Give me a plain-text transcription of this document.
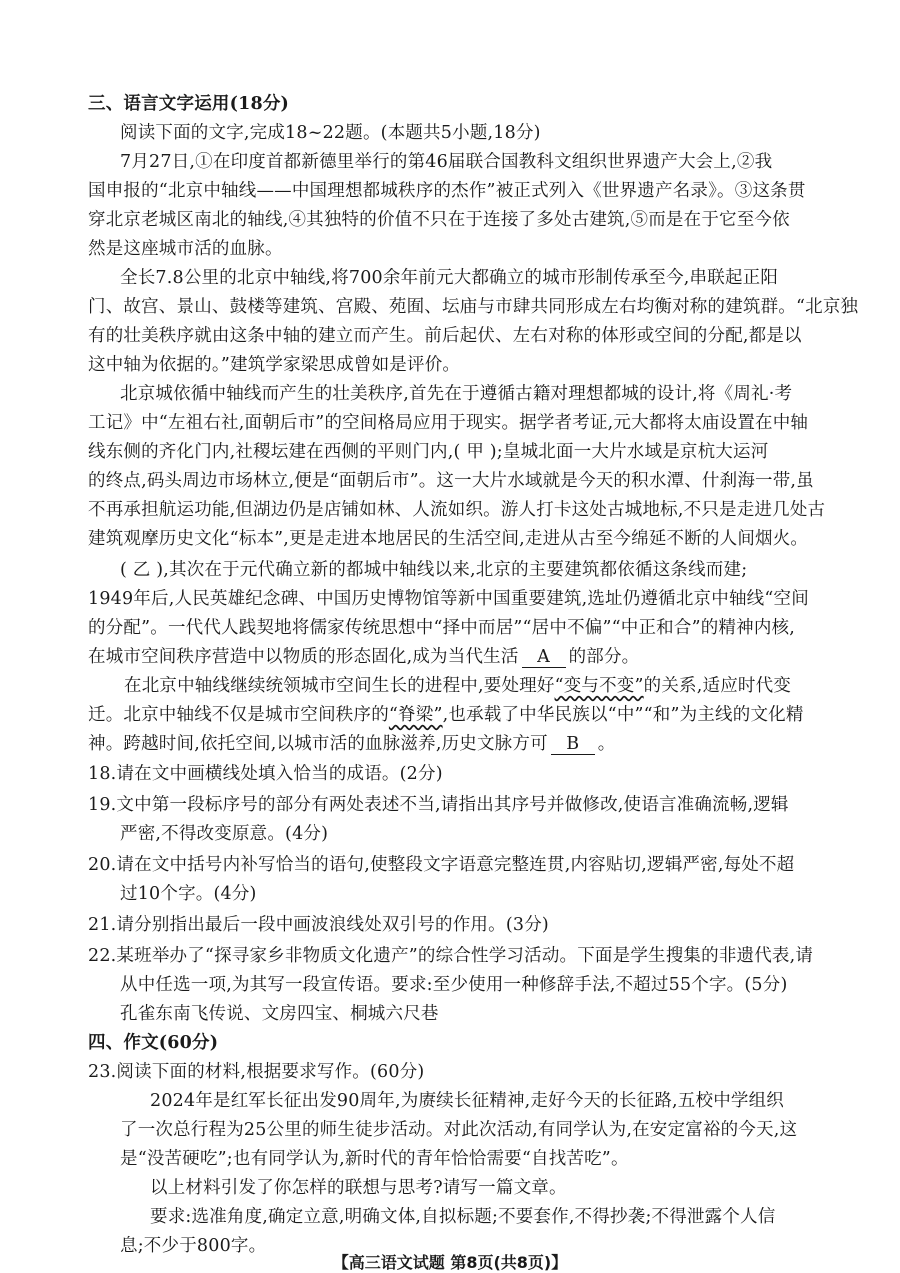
三、语言文字运用(18分)
阅读下面的文字,完成18~22题。(本题共5小题,18分)
7月27日,①在印度首都新德里举行的第46届联合国教科文组织世界遗产大会上,②我
国申报的“北京中轴线——中国理想都城秩序的杰作”被正式列入《世界遗产名录》。③这条贯
穿北京老城区南北的轴线,④其独特的价值不只在于连接了多处古建筑,⑤而是在于它至今依
然是这座城市活的血脉。
全长7.8公里的北京中轴线,将700余年前元大都确立的城市形制传承至今,串联起正阳
门、故宫、景山、鼓楼等建筑、宫殿、苑囿、坛庙与市肆共同形成左右均衡对称的建筑群。“北京独
有的壮美秩序就由这条中轴的建立而产生。前后起伏、左右对称的体形或空间的分配,都是以
这中轴为依据的。”建筑学家梁思成曾如是评价。
北京城依循中轴线而产生的壮美秩序,首先在于遵循古籍对理想都城的设计,将《周礼·考
工记》中“左祖右社,面朝后市”的空间格局应用于现实。据学者考证,元大都将太庙设置在中轴
线东侧的齐化门内,社稷坛建在西侧的平则门内,( 甲 );皇城北面一大片水域是京杭大运河
的终点,码头周边市场林立,便是“面朝后市”。这一大片水域就是今天的积水潭、什刹海一带,虽
不再承担航运功能,但湖边仍是店铺如林、人流如织。游人打卡这处古城地标,不只是走进几处古
建筑观摩历史文化“标本”,更是走进本地居民的生活空间,走进从古至今绵延不断的人间烟火。
( 乙 ),其次在于元代确立新的都城中轴线以来,北京的主要建筑都依循这条线而建;
1949年后,人民英雄纪念碑、中国历史博物馆等新中国重要建筑,选址仍遵循北京中轴线“空间
的分配”。一代代人践契地将儒家传统思想中“择中而居”“居中不偏”“中正和合”的精神内核,
在城市空间秩序营造中以物质的形态固化,成为当代生活 A 的部分。
在北京中轴线继续统领城市空间生长的进程中,要处理好“变与不变”的关系,适应时代变
迁。北京中轴线不仅是城市空间秩序的“脊梁”,也承载了中华民族以“中”“和”为主线的文化精
神。跨越时间,依托空间,以城市活的血脉滋养,历史文脉方可 B 。
18.请在文中画横线处填入恰当的成语。(2分)
19.文中第一段标序号的部分有两处表述不当,请指出其序号并做修改,使语言准确流畅,逻辑
严密,不得改变原意。(4分)
20.请在文中括号内补写恰当的语句,使整段文字语意完整连贯,内容贴切,逻辑严密,每处不超
过10个字。(4分)
21.请分别指出最后一段中画波浪线处双引号的作用。(3分)
22.某班举办了“探寻家乡非物质文化遗产”的综合性学习活动。下面是学生搜集的非遗代表,请
从中任选一项,为其写一段宣传语。要求:至少使用一种修辞手法,不超过55个字。(5分)
孔雀东南飞传说、文房四宝、桐城六尺巷
四、作文(60分)
23.阅读下面的材料,根据要求写作。(60分)
2024年是红军长征出发90周年,为赓续长征精神,走好今天的长征路,五校中学组织
了一次总行程为25公里的师生徒步活动。对此次活动,有同学认为,在安定富裕的今天,这
是“没苦硬吃”;也有同学认为,新时代的青年恰恰需要“自找苦吃”。
【高三语文试题 第8页(共8页)】
以上材料引发了你怎样的联想与思考?请写一篇文章。
要求:选准角度,确定立意,明确文体,自拟标题;不要套作,不得抄袭;不得泄露个人信
息;不少于800字。
